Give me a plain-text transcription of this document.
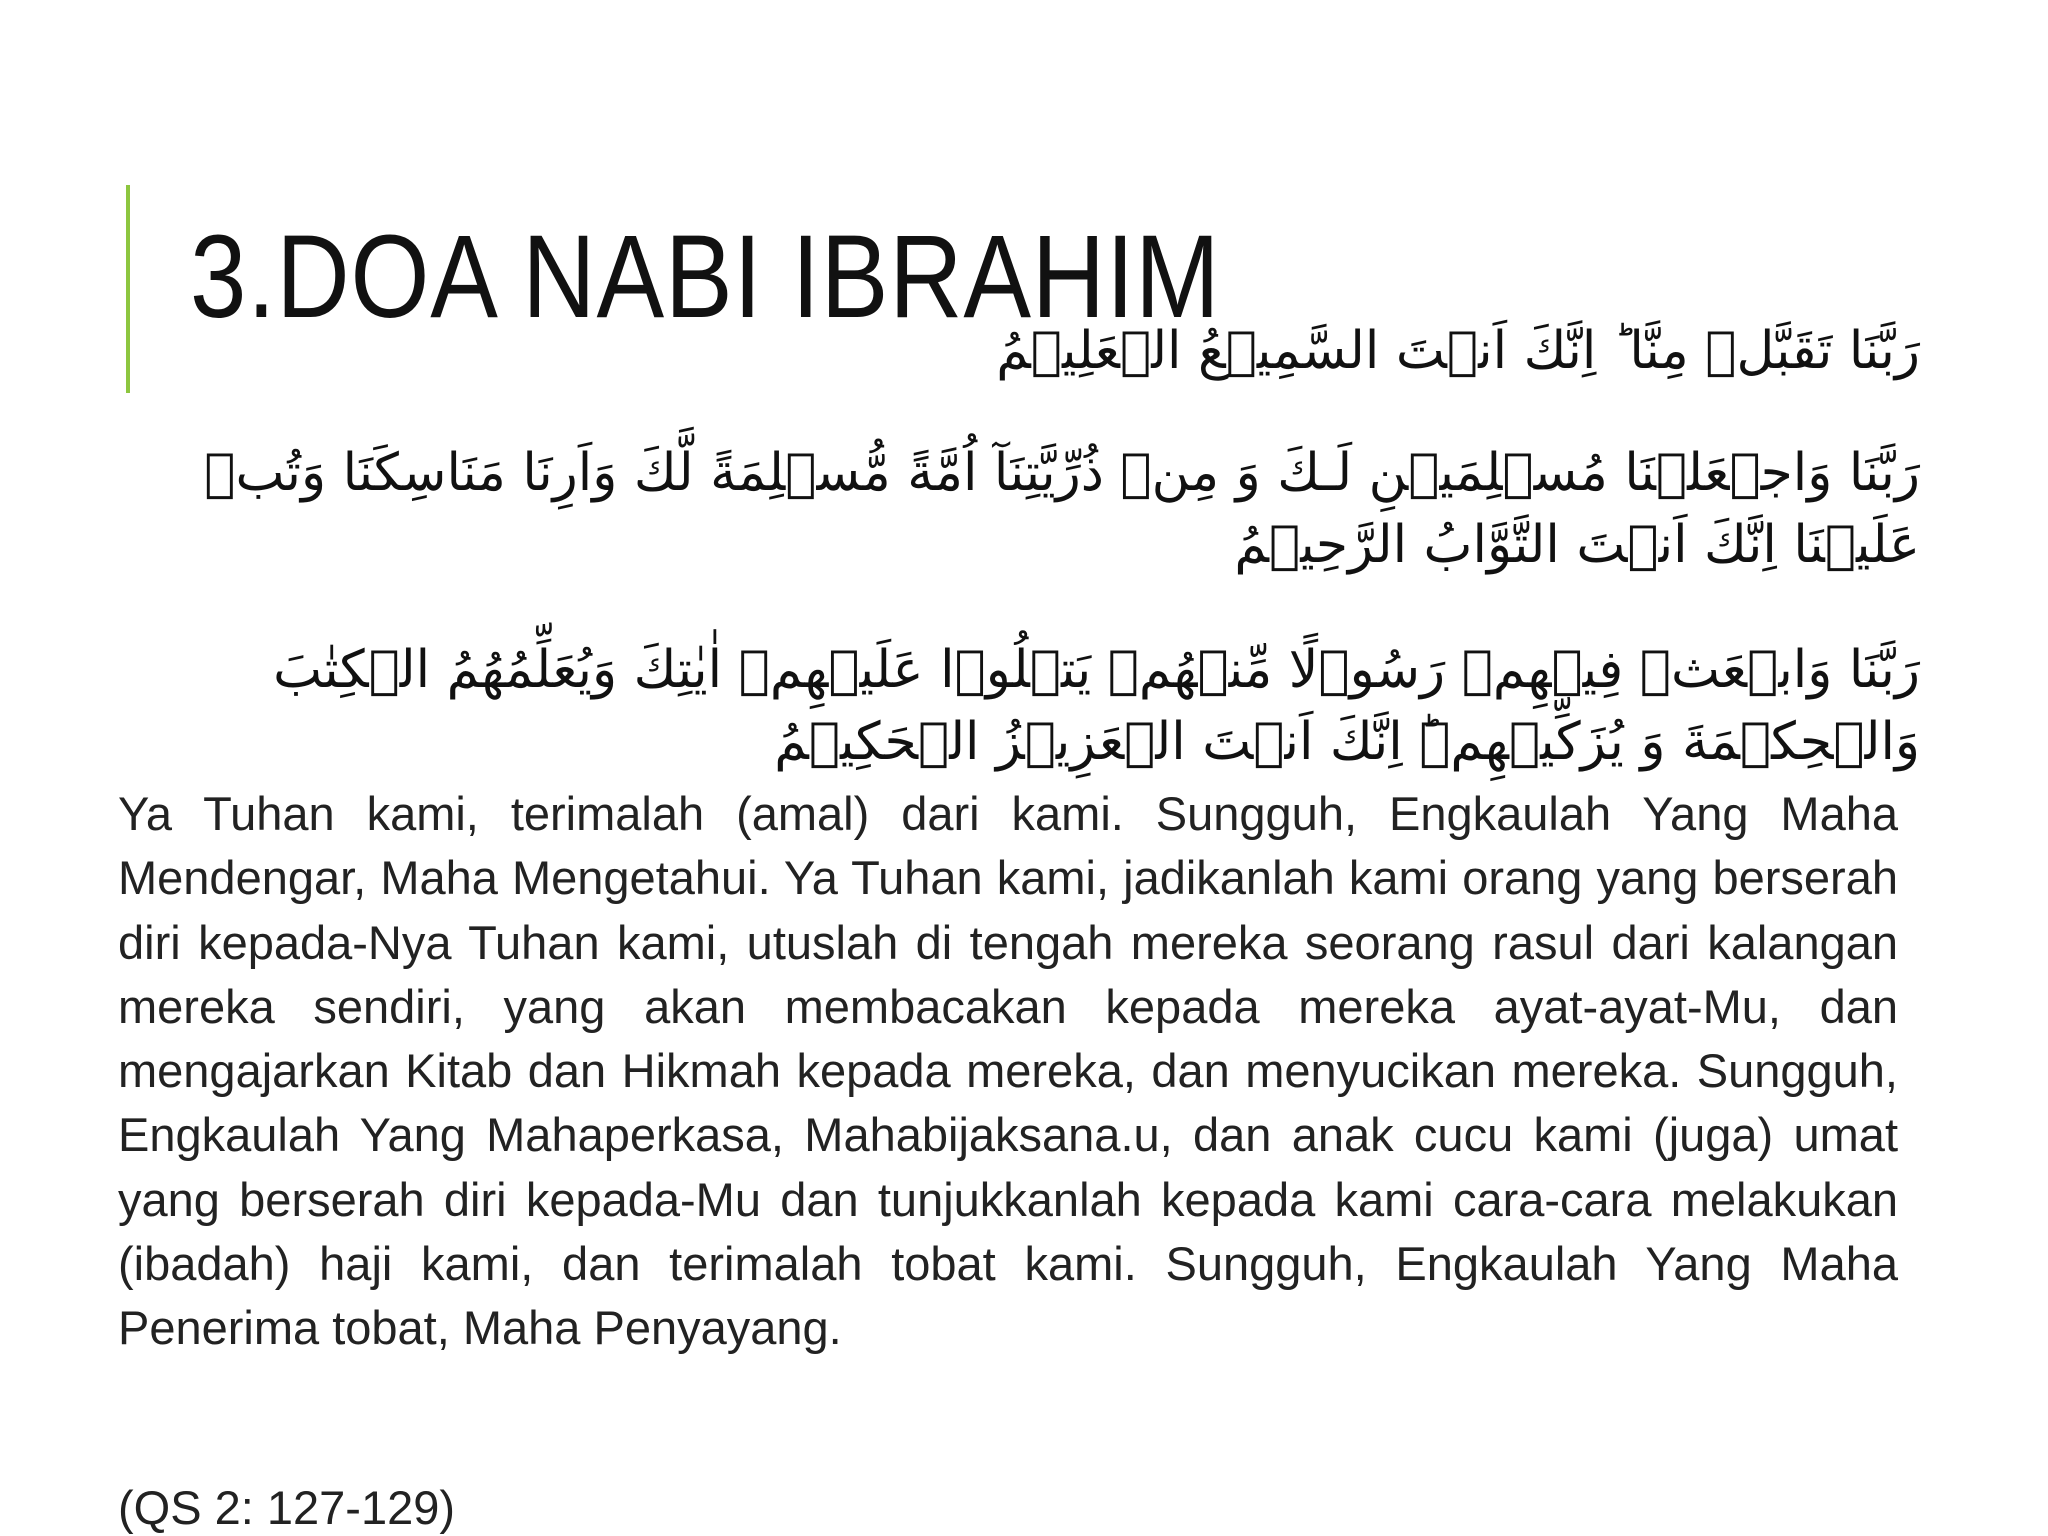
3.DOA NABI IBRAHIM

رَبَّنَا تَقَبَّلۡ مِنَّا ؕ اِنَّكَ اَنۡتَ السَّمِيۡعُ الۡعَلِيۡمُ

رَبَّنَا وَاجۡعَلۡنَا مُسۡلِمَيۡنِ لَـكَ وَ مِنۡ ذُرِّيَّتِنَآ اُمَّةً مُّسۡلِمَةً لَّكَ وَاَرِنَا مَنَاسِكَنَا وَتُبۡ عَلَيۡنَا اِنَّكَ اَنۡتَ التَّوَّابُ الرَّحِيۡمُ

رَبَّنَا وَابۡعَثۡ فِيۡهِمۡ رَسُوۡلًا مِّنۡهُمۡ يَتۡلُوۡا عَلَيۡهِمۡ اٰيٰتِكَ وَيُعَلِّمُهُمُ الۡكِتٰبَ وَالۡحِكۡمَةَ وَ يُزَكِّيۡهِمۡ‌ؕ اِنَّكَ اَنۡتَ الۡعَزِيۡزُ الۡحَكِيۡمُ

Ya Tuhan kami, terimalah (amal) dari kami. Sungguh, Engkaulah Yang Maha Mendengar, Maha Mengetahui. Ya Tuhan kami, jadikanlah kami orang yang berserah diri kepada-Nya Tuhan kami, utuslah di tengah mereka seorang rasul dari kalangan mereka sendiri, yang akan membacakan kepada mereka ayat-ayat-Mu, dan mengajarkan Kitab dan Hikmah kepada mereka, dan menyucikan mereka. Sungguh, Engkaulah Yang Mahaperkasa, Mahabijaksana.u, dan anak cucu kami (juga) umat yang berserah diri kepada-Mu dan tunjukkanlah kepada kami cara-cara melakukan (ibadah) haji kami, dan terimalah tobat kami. Sungguh, Engkaulah Yang Maha Penerima tobat, Maha Penyayang.

(QS 2: 127-129)
